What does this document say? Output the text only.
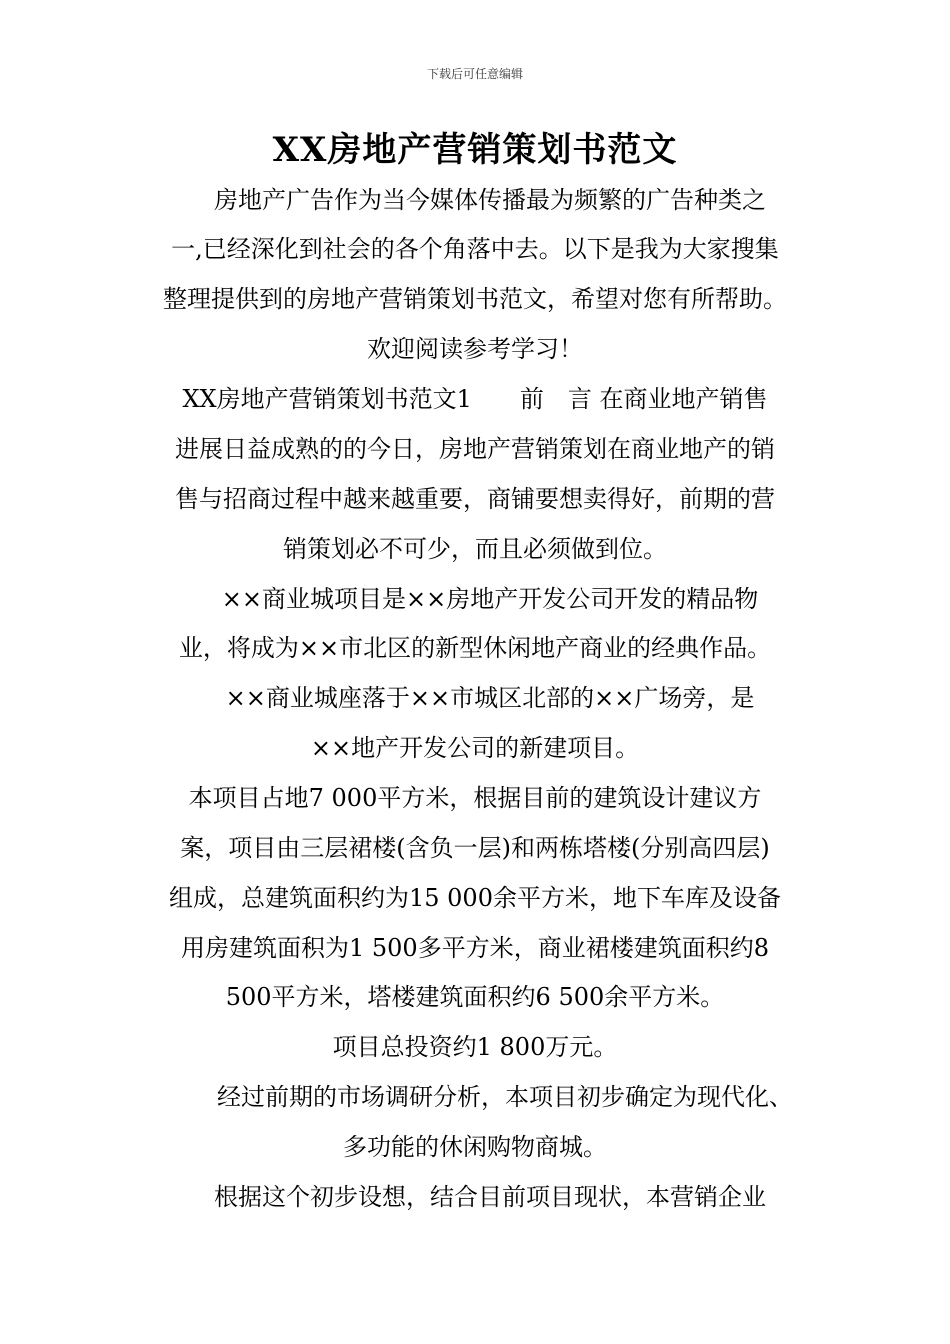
下载后可任意编辑
XX房地产营销策划书范文
房地产广告作为当今媒体传播最为频繁的广告种类之
一,已经深化到社会的各个角落中去。以下是我为大家搜集
整理提供到的房地产营销策划书范文，希望对您有所帮助。
欢迎阅读参考学习！
XX房地产营销策划书范文1　　前　言 在商业地产销售
进展日益成熟的的今日，房地产营销策划在商业地产的销
售与招商过程中越来越重要，商铺要想卖得好，前期的营
销策划必不可少，而且必须做到位。
××商业城项目是××房地产开发公司开发的精品物
业，将成为××市北区的新型休闲地产商业的经典作品。
××商业城座落于××市城区北部的××广场旁，是
××地产开发公司的新建项目。
本项目占地7 000平方米，根据目前的建筑设计建议方
案，项目由三层裙楼(含负一层)和两栋塔楼(分别高四层)
组成，总建筑面积约为15 000余平方米，地下车库及设备
用房建筑面积为1 500多平方米，商业裙楼建筑面积约8
500平方米，塔楼建筑面积约6 500余平方米。
项目总投资约1 800万元。
经过前期的市场调研分析，本项目初步确定为现代化、
多功能的休闲购物商城。
根据这个初步设想，结合目前项目现状，本营销企业
